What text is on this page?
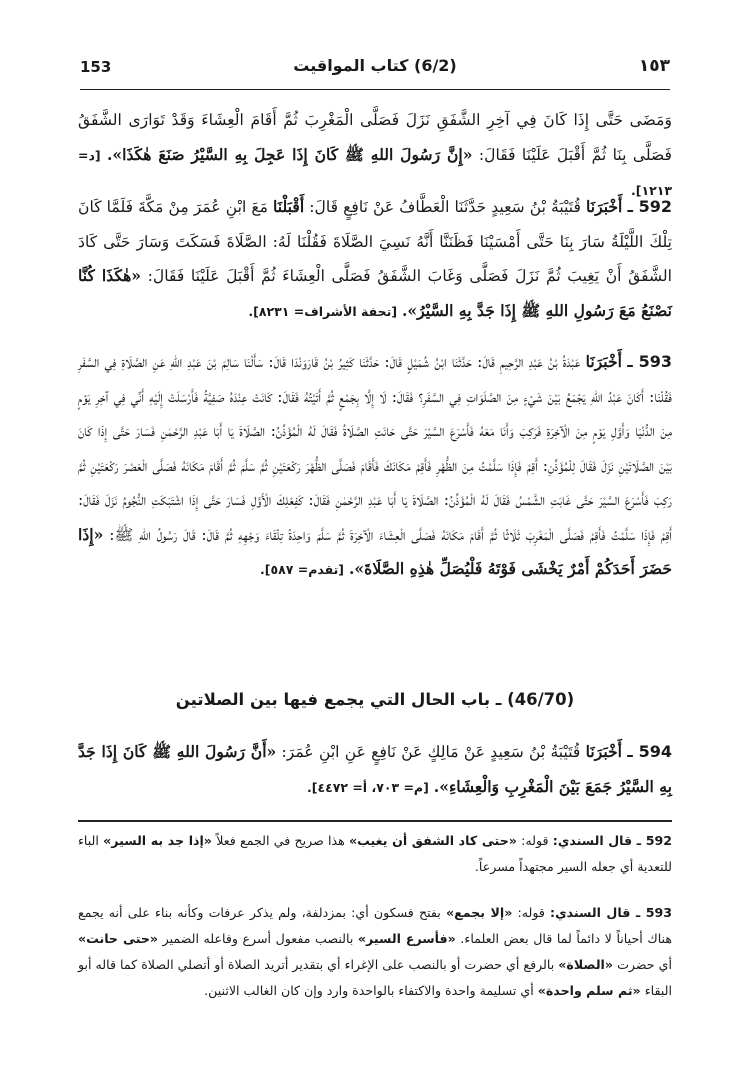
153	(6/2) كتاب المواقيت	١٥٣
وَمَضَى حَتَّى إِذَا كَانَ فِي آخِرِ الشَّفَقِ نَزَلَ فَصَلَّى الْمَغْرِبَ ثُمَّ أَقَامَ الْعِشَاءَ وَقَدْ تَوَارَى الشَّفَقُ فَصَلَّى بِنَا ثُمَّ أَقْبَلَ عَلَيْنَا فَقَالَ: «إِنَّ رَسُولَ اللهِ ﷺ كَانَ إِذَا عَجِلَ بِهِ السَّيْرُ صَنَعَ هٰكَذَا». [د= ١٢١٣].
592 ـ أَخْبَرَنَا قُتَيْبَةُ بْنُ سَعِيدٍ حَدَّثَنَا الْعَطَّافُ عَنْ نَافِعٍ قَالَ: أَقْبَلْنَا مَعَ ابْنِ عُمَرَ مِنْ مَكَّةَ فَلَمَّا كَانَ تِلْكَ اللَّيْلَةُ سَارَ بِنَا حَتَّى أَمْسَيْنَا فَظَنَنَّا أَنَّهُ نَسِيَ الصَّلَاةَ فَقُلْنَا لَهُ: الصَّلَاةَ فَسَكَتَ وَسَارَ حَتَّى كَادَ الشَّفَقُ أَنْ يَغِيبَ ثُمَّ نَزَلَ فَصَلَّى وَغَابَ الشَّفَقُ فَصَلَّى الْعِشَاءَ ثُمَّ أَقْبَلَ عَلَيْنَا فَقَالَ: «هٰكَذَا كُنَّا نَصْنَعُ مَعَ رَسُولِ اللهِ ﷺ إِذَا جَدَّ بِهِ السَّيْرُ». [تحفة الأشراف= ٨٢٣١].
593 ـ أَخْبَرَنَا عَبْدَةُ بْنُ عَبْدِ الرَّحِيمِ قَالَ: حَدَّثَنَا ابْنُ شُمَيْلٍ قَالَ: حَدَّثَنَا كَثِيرُ بْنُ قَارَوَنْدَا قَالَ: سَأَلْنَا سَالِمَ بْنَ عَبْدِ اللهِ عَنِ الصَّلَاةِ فِي السَّفَرِ فَقُلْنَا: أَكَانَ عَبْدُ اللهِ يَجْمَعُ بَيْنَ شَيْءٍ مِنَ الصَّلَوَاتِ فِي السَّفَرِ؟ فَقَالَ: لَا إِلَّا بِجَمْعٍ ثُمَّ أَتَيْتُهُ فَقَالَ: كَانَتْ عِنْدَهُ صَفِيَّةُ فَأَرْسَلَتْ إِلَيْهِ أَنِّي فِي آخِرِ يَوْمٍ مِنَ الدُّنْيَا وَأَوَّلِ يَوْمٍ مِنَ الْآخِرَةِ فَرَكِبَ وَأَنَا مَعَهُ فَأَسْرَعَ السَّيْرَ حَتَّى حَانَتِ الصَّلَاةُ فَقَالَ لَهُ الْمُؤَذِّنُ: الصَّلَاةَ يَا أَبَا عَبْدِ الرَّحْمٰنِ فَسَارَ حَتَّى إِذَا كَانَ بَيْنَ الصَّلَاتَيْنِ نَزَلَ فَقَالَ لِلْمُؤَذِّنِ: أَقِمْ فَإِذَا سَلَّمْتُ مِنَ الظُّهْرِ فَأَقِمْ مَكَانَكَ فَأَقَامَ فَصَلَّى الظُّهْرَ رَكْعَتَيْنِ ثُمَّ سَلَّمَ ثُمَّ أَقَامَ مَكَانَهُ فَصَلَّى الْعَصْرَ رَكْعَتَيْنِ ثُمَّ رَكِبَ فَأَسْرَعَ السَّيْرَ حَتَّى غَابَتِ الشَّمْسُ فَقَالَ لَهُ الْمُؤَذِّنُ: الصَّلَاةَ يَا أَبَا عَبْدِ الرَّحْمٰنِ فَقَالَ: كَفِعْلِكَ الْأَوَّلِ فَسَارَ حَتَّى إِذَا اشْتَبَكَتِ النُّجُومُ نَزَلَ فَقَالَ: أَقِمْ فَإِذَا سَلَّمْتُ فَأَقِمْ فَصَلَّى الْمَغْرِبَ ثَلَاثًا ثُمَّ أَقَامَ مَكَانَهُ فَصَلَّى الْعِشَاءَ الْآخِرَةَ ثُمَّ سَلَّمَ وَاحِدَةً تِلْقَاءَ وَجْهِهِ ثُمَّ قَالَ: قَالَ رَسُولُ اللهِ ﷺ: «إِذَا حَضَرَ أَحَدَكُمْ أَمْرٌ يَخْشَى فَوْتَهُ فَلْيُصَلِّ هٰذِهِ الصَّلَاةَ». [تقدم= ٥٨٧].
(46/70) ـ باب الحال التي يجمع فيها بين الصلاتين
594 ـ أَخْبَرَنَا قُتَيْبَةُ بْنُ سَعِيدٍ عَنْ مَالِكٍ عَنْ نَافِعٍ عَنِ ابْنِ عُمَرَ: «أَنَّ رَسُولَ اللهِ ﷺ كَانَ إِذَا جَدَّ بِهِ السَّيْرُ جَمَعَ بَيْنَ الْمَغْرِبِ وَالْعِشَاءِ». [م= ٧٠٣، أ= ٤٤٧٢].
592 ـ قال السندي: قوله: «حتى كاد الشفق أن يغيب» هذا صريح في الجمع فعلاً «إذا جد به السير» الباء للتعدية أي جعله السير مجتهداً مسرعاً.
593 ـ قال السندي: قوله: «إلا بجمع» بفتح فسكون أي: بمزدلفة، ولم يذكر عرفات وكأنه بناء على أنه يجمع هناك أحياناً لا دائماً لما قال بعض العلماء. «فأسرع السير» بالنصب مفعول أسرع وفاعله الضمير «حتى حانت» أي حضرت «الصلاة» بالرفع أي حضرت أو بالنصب على الإغراء أي بتقدير أتريد الصلاة أو أتصلي الصلاة كما قاله أبو البقاء «ثم سلم واحدة» أي تسليمة واحدة والاكتفاء بالواحدة وارد وإن كان الغالب الاثنين.
